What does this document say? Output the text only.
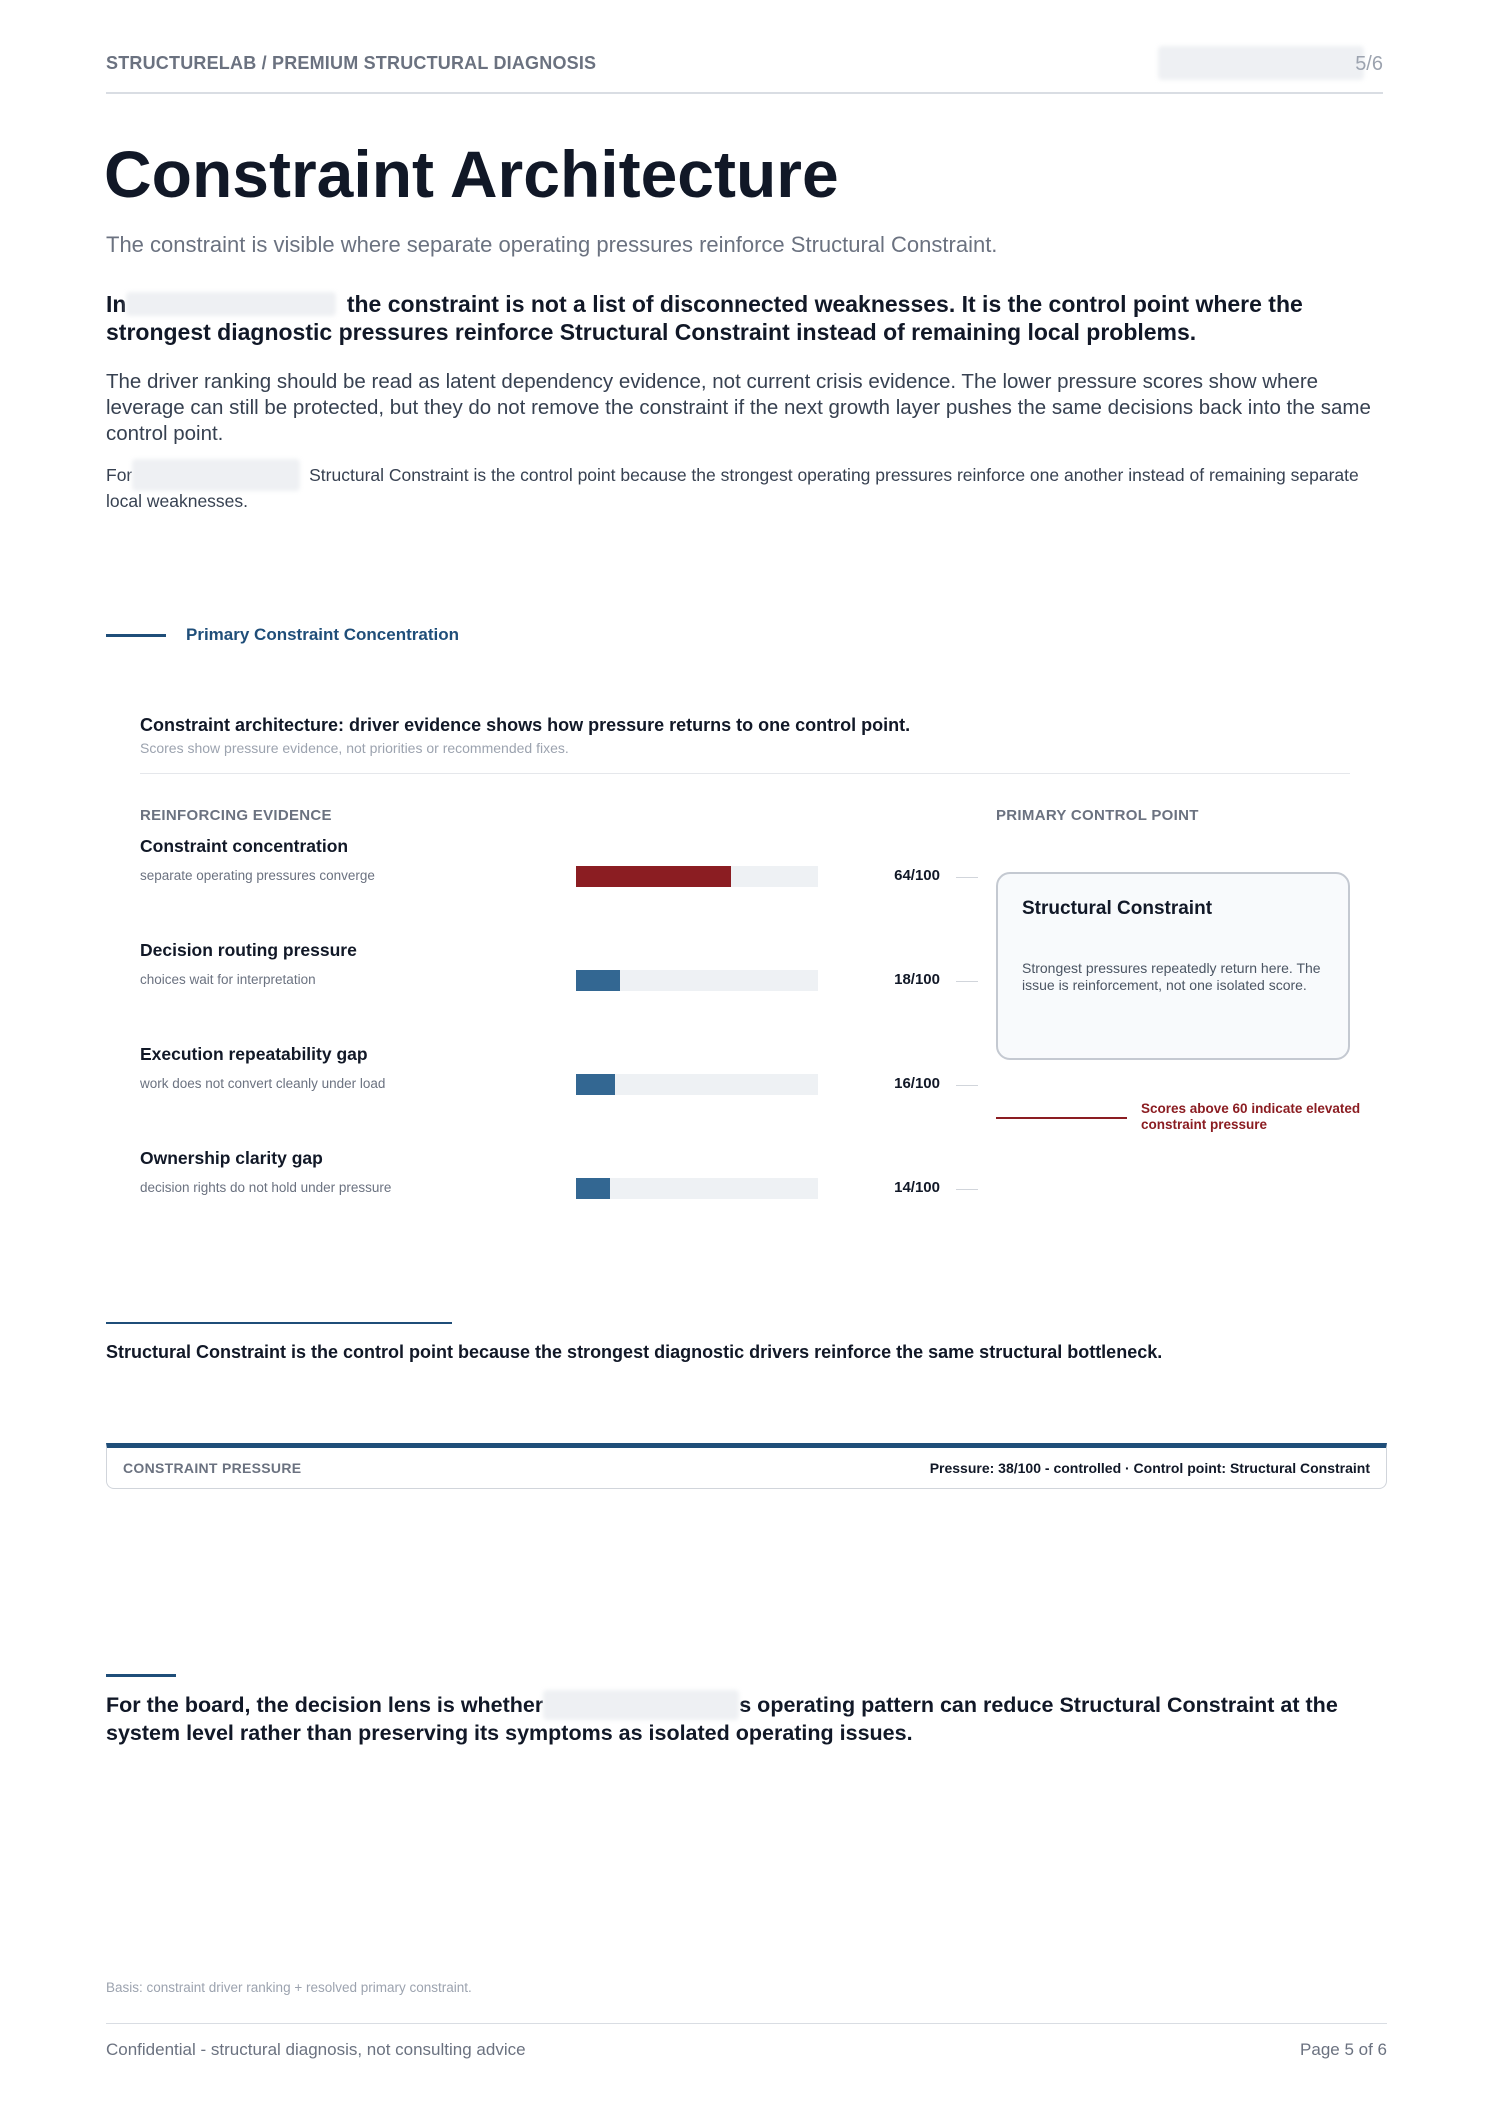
STRUCTURELAB / PREMIUM STRUCTURAL DIAGNOSIS	5/6
Constraint Architecture
The constraint is visible where separate operating pressures reinforce Structural Constraint.
In	the constraint is not a list of disconnected weaknesses. It is the control point where the strongest diagnostic pressures reinforce Structural Constraint instead of remaining local problems.
The driver ranking should be read as latent dependency evidence, not current crisis evidence. The lower pressure scores show where leverage can still be protected, but they do not remove the constraint if the next growth layer pushes the same decisions back into the same control point.
For	Structural Constraint is the control point because the strongest operating pressures reinforce one another instead of remaining separate local weaknesses.
Primary Constraint Concentration
Constraint architecture: driver evidence shows how pressure returns to one control point.
Scores show pressure evidence, not priorities or recommended fixes.
REINFORCING EVIDENCE	PRIMARY CONTROL POINT
Constraint concentration
separate operating pressures converge	64/100
Decision routing pressure
choices wait for interpretation	18/100
Execution repeatability gap
work does not convert cleanly under load	16/100
Ownership clarity gap
decision rights do not hold under pressure	14/100
Structural Constraint
Strongest pressures repeatedly return here. The issue is reinforcement, not one isolated score.
Scores above 60 indicate elevated constraint pressure
Structural Constraint is the control point because the strongest diagnostic drivers reinforce the same structural bottleneck.
CONSTRAINT PRESSURE	Pressure: 38/100 - controlled · Control point: Structural Constraint
For the board, the decision lens is whether	s operating pattern can reduce Structural Constraint at the system level rather than preserving its symptoms as isolated operating issues.
Basis: constraint driver ranking + resolved primary constraint.
Confidential - structural diagnosis, not consulting advice	Page 5 of 6
